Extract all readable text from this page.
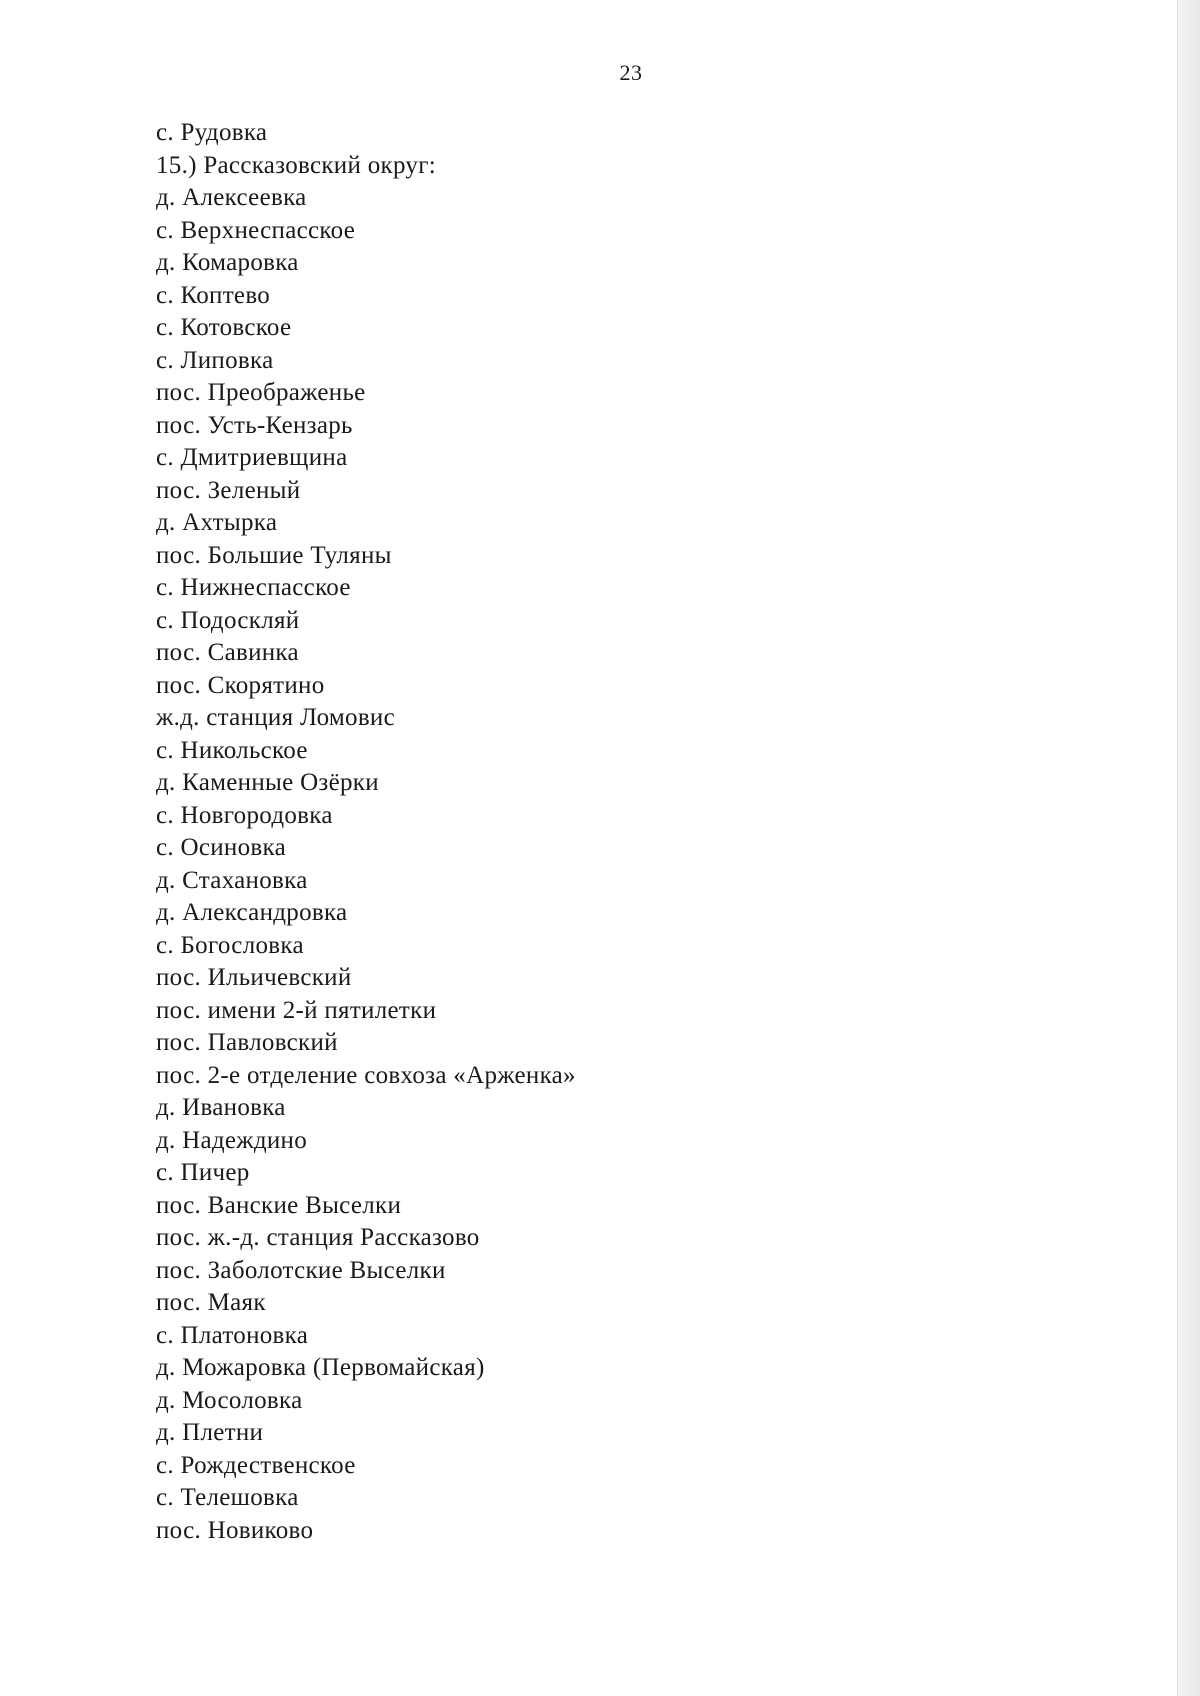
23
с. Рудовка
15.) Рассказовский округ:
д. Алексеевка
с. Верхнеспасское
д. Комаровка
с. Коптево
с. Котовское
с. Липовка
пос. Преображенье
пос. Усть-Кензарь
с. Дмитриевщина
пос. Зеленый
д. Ахтырка
пос. Большие Туляны
с. Нижнеспасское
с. Подоскляй
пос. Савинка
пос. Скорятино
ж.д. станция Ломовис
с. Никольское
д. Каменные Озёрки
с. Новгородовка
с. Осиновка
д. Стахановка
д. Александровка
с. Богословка
пос. Ильичевский
пос. имени 2-й пятилетки
пос. Павловский
пос. 2-е отделение совхоза «Арженка»
д. Ивановка
д. Надеждино
с. Пичер
пос. Ванские Выселки
пос. ж.-д. станция Рассказово
пос. Заболотские Выселки
пос. Маяк
с. Платоновка
д. Можаровка (Первомайская)
д. Мосоловка
д. Плетни
с. Рождественское
с. Телешовка
пос. Новиково
